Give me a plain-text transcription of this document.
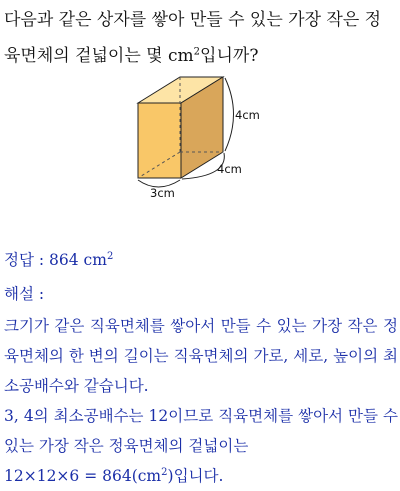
다음과 같은 상자를 쌓아 만들 수 있는 가장 작은 정
육면체의 겉넓이는 몇 $cm^2$입니까?

4cm
4cm
3cm
정답 : 864 $cm^2$
해설 :

크기가 같은 직육면체를 쌓아서 만들 수 있는 가장 작은 정육면체의 한 변의 길이는 직육면체의 가로, 세로, 높이의 최소공배수와 같습니다.

3, 4의 최소공배수는 12이므로 직육면체를 쌓아서 만들 수 있는 가장 작은 정육면체의 겉넓이는

$12\times 12\times 6 = 864(cm^2)$입니다.
